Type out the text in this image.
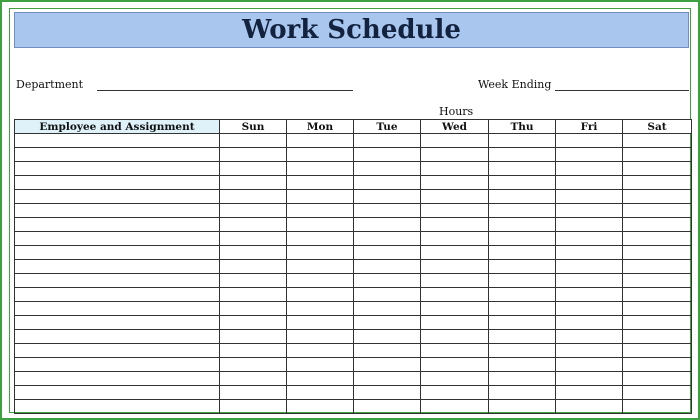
Work Schedule
Department	Week Ending
Hours
Employee and Assignment	Sun	Mon	Tue	Wed	Thu	Fri	Sat
